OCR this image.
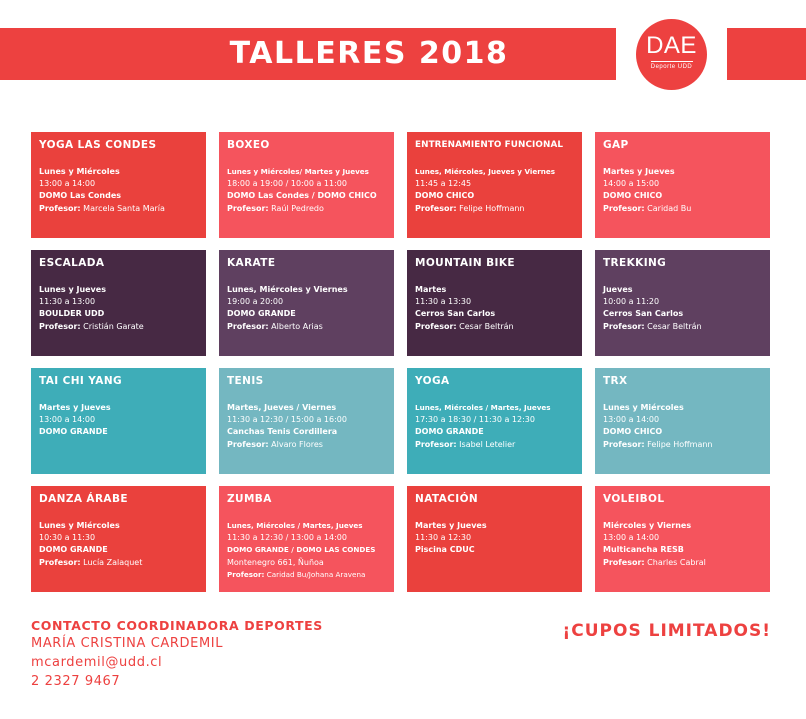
TALLERES 2018	DAE
Deporte UDD
YOGA LAS CONDES
Lunes y Miércoles
13:00 a 14:00
DOMO Las Condes
Profesor: Marcela Santa María
BOXEO
Lunes y Miércoles/ Martes y Jueves
18:00 a 19:00 / 10:00 a 11:00
DOMO Las Condes / DOMO CHICO
Profesor: Raúl Pedredo
ENTRENAMIENTO FUNCIONAL
Lunes, Miércoles, Jueves y Viernes
11:45 a 12:45
DOMO CHICO
Profesor: Felipe Hoffmann
GAP
Martes y Jueves
14:00 a 15:00
DOMO CHICO
Profesor: Caridad Bu
ESCALADA
Lunes y Jueves
11:30 a 13:00
BOULDER UDD
Profesor: Cristián Garate
KARATE
Lunes, Miércoles y Viernes
19:00 a 20:00
DOMO GRANDE
Profesor: Alberto Arias
MOUNTAIN BIKE
Martes
11:30 a 13:30
Cerros San Carlos
Profesor: Cesar Beltrán
TREKKING
Jueves
10:00 a 11:20
Cerros San Carlos
Profesor: Cesar Beltrán
TAI CHI YANG
Martes y Jueves
13:00 a 14:00
DOMO GRANDE
TENIS
Martes, Jueves / Viernes
11:30 a 12:30 / 15:00 a 16:00
Canchas Tenis Cordillera
Profesor: Alvaro Flores
YOGA
Lunes, Miércoles / Martes, Jueves
17:30 a 18:30 / 11:30 a 12:30
DOMO GRANDE
Profesor: Isabel Letelier
TRX
Lunes y Miércoles
13:00 a 14:00
DOMO CHICO
Profesor: Felipe Hoffmann
DANZA ÁRABE
Lunes y Miércoles
10:30 a 11:30
DOMO GRANDE
Profesor: Lucía Zalaquet
ZUMBA
Lunes, Miércoles / Martes, Jueves
11:30 a 12:30 / 13:00 a 14:00
DOMO GRANDE / DOMO LAS CONDES
Montenegro 661, Ñuñoa
Profesor: Caridad Bu/Johana Aravena
NATACIÓN
Martes y Jueves
11:30 a 12:30
Piscina CDUC
VOLEIBOL
Miércoles y Viernes
13:00 a 14:00
Multicancha RESB
Profesor: Charles Cabral
CONTACTO COORDINADORA DEPORTES
MARÍA CRISTINA CARDEMIL
mcardemil@udd.cl
2 2327 9467
¡CUPOS LIMITADOS!
